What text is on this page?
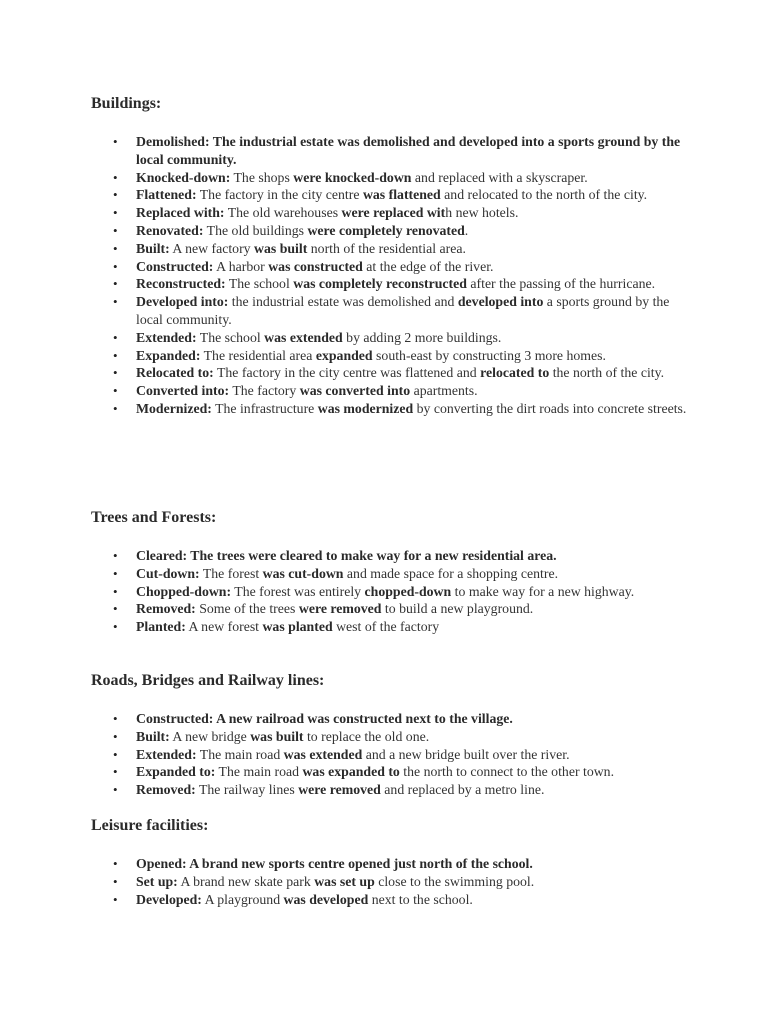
Buildings:
• Demolished: The industrial estate was demolished and developed into a sports ground by the local community.
• Knocked-down: The shops were knocked-down and replaced with a skyscraper.
• Flattened: The factory in the city centre was flattened and relocated to the north of the city.
• Replaced with: The old warehouses were replaced with new hotels.
• Renovated: The old buildings were completely renovated.
• Built: A new factory was built north of the residential area.
• Constructed: A harbor was constructed at the edge of the river.
• Reconstructed: The school was completely reconstructed after the passing of the hurricane.
• Developed into: the industrial estate was demolished and developed into a sports ground by the local community.
• Extended: The school was extended by adding 2 more buildings.
• Expanded: The residential area expanded south-east by constructing 3 more homes.
• Relocated to: The factory in the city centre was flattened and relocated to the north of the city.
• Converted into: The factory was converted into apartments.
• Modernized: The infrastructure was modernized by converting the dirt roads into concrete streets.
Trees and Forests:
• Cleared: The trees were cleared to make way for a new residential area.
• Cut-down: The forest was cut-down and made space for a shopping centre.
• Chopped-down: The forest was entirely chopped-down to make way for a new highway.
• Removed: Some of the trees were removed to build a new playground.
• Planted: A new forest was planted west of the factory
Roads, Bridges and Railway lines:
• Constructed: A new railroad was constructed next to the village.
• Built: A new bridge was built to replace the old one.
• Extended: The main road was extended and a new bridge built over the river.
• Expanded to: The main road was expanded to the north to connect to the other town.
• Removed: The railway lines were removed and replaced by a metro line.
Leisure facilities:
• Opened: A brand new sports centre opened just north of the school.
• Set up: A brand new skate park was set up close to the swimming pool.
• Developed: A playground was developed next to the school.
